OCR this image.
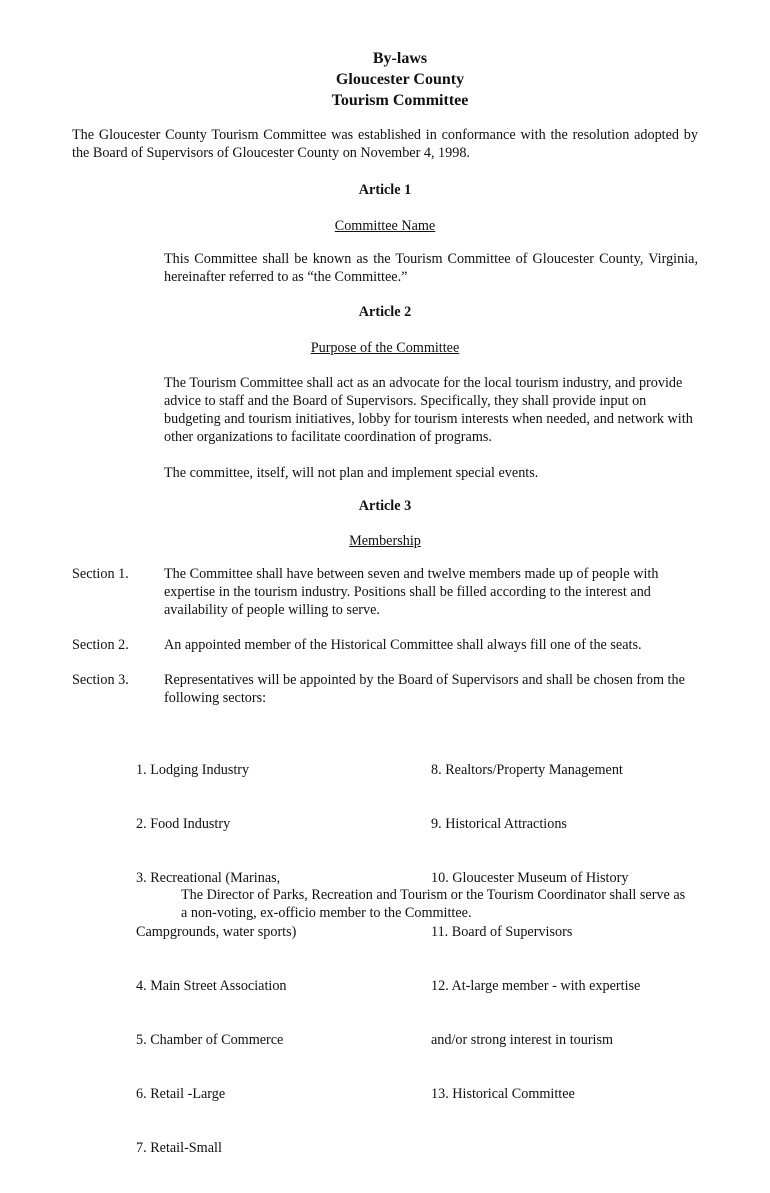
By-laws
Gloucester County
Tourism Committee
The Gloucester County Tourism Committee was established in conformance with the resolution adopted by the Board of Supervisors of Gloucester County on November 4, 1998.
Article 1
Committee Name
This Committee shall be known as the Tourism Committee of Gloucester County, Virginia, hereinafter referred to as “the Committee.”
Article 2
Purpose of the Committee
The Tourism Committee shall act as an advocate for the local tourism industry, and provide advice to staff and the Board of Supervisors. Specifically, they shall provide input on budgeting and tourism initiatives, lobby for tourism interests when needed, and network with other organizations to facilitate coordination of programs.
The committee, itself, will not plan and implement special events.
Article 3
Membership
Section 1. The Committee shall have between seven and twelve members made up of people with expertise in the tourism industry. Positions shall be filled according to the interest and availability of people willing to serve.
Section 2. An appointed member of the Historical Committee shall always fill one of the seats.
Section 3. Representatives will be appointed by the Board of Supervisors and shall be chosen from the following sectors:

1. Lodging Industry

2. Food Industry

3. Recreational (Marinas,

Campgrounds, water sports)

4. Main Street Association

5. Chamber of Commerce

6. Retail -Large

7. Retail-Small

8. Realtors/Property Management

9. Historical Attractions

10. Gloucester Museum of History

11. Board of Supervisors

12. At-large member - with expertise

and/or strong interest in tourism

13. Historical Committee

The Director of Parks, Recreation and Tourism or the Tourism Coordinator shall serve as a non-voting, ex-officio member to the Committee.
